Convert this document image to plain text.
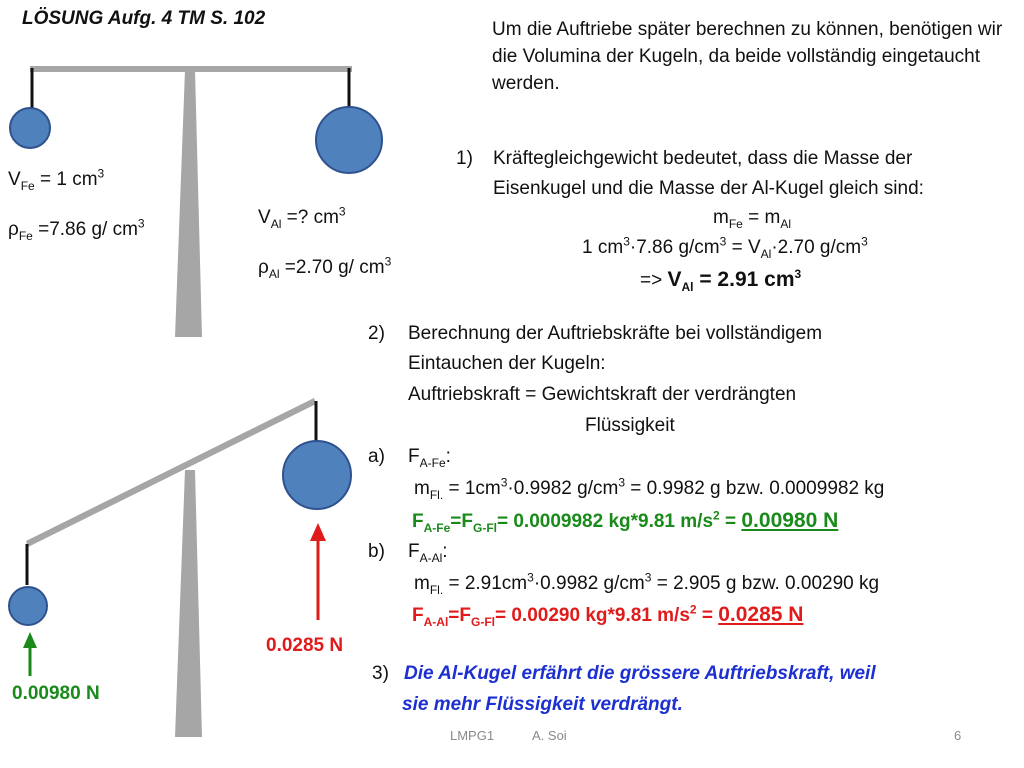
LÖSUNG Aufg. 4 TM S. 102
Um die Auftriebe später berechnen zu können, benötigen wir die Volumina der Kugeln, da beide vollständig eingetaucht werden.
$V_{Fe} = 1$ $cm^3$
$\rho_{Fe} =7.86$ g/ $cm^3$	$V_{Al}$ =? $cm^3$
$\rho_{Al} =2.70$ g/ $cm^3$
0.0285 N
0.00980 N
1) Kräftegleichgewicht bedeutet, dass die Masse der
Eisenkugel und die Masse der Al-Kugel gleich sind:
$m_{Fe} = m_{Al}$
1 $cm^3\cdot 7.86$ $g/cm^3 = V_{Al}\cdot 2.70$ $g/cm^3$
=> $V_{Al} = 2.91$ $cm^3$
2) Berechnung der Auftriebskräfte bei vollständigem
Eintauchen der Kugeln:
Auftriebskraft = Gewichtskraft der verdrängten
Flüssigkeit
a) $F_{A-Fe}$:
$m_{Fl.} = 1cm^3\cdot 0.9982$ $g/cm^3 = 0.9982$ g bzw. 0.0009982 kg
$F_{A-Fe}=F_{G-Fl}= 0.0009982$ kg*9.81 $m/s^2 = 0.00980$ N
b) $F_{A-Al}$:
$m_{Fl.} = 2.91cm^3\cdot 0.9982$ $g/cm^3 = 2.905$ g bzw. 0.00290 kg
$F_{A-Al}=F_{G-Fl}= 0.00290$ kg*9.81 $m/s^2 = 0.0285$ N
3) Die Al-Kugel erfährt die grössere Auftriebskraft, weil
sie mehr Flüssigkeit verdrängt.
LMPG1	A. Soi	6
